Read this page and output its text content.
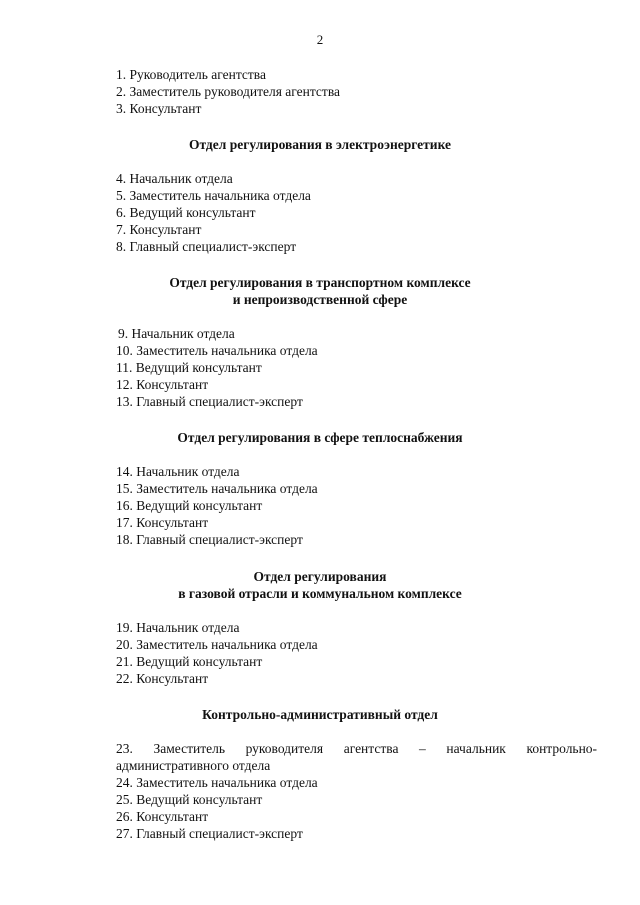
2
1. Руководитель агентства
2. Заместитель руководителя агентства
3. Консультант
Отдел регулирования в электроэнергетике
4. Начальник отдела
5. Заместитель начальника отдела
6. Ведущий консультант
7. Консультант
8. Главный специалист-эксперт
Отдел регулирования в транспортном комплексе
и непроизводственной сфере
9. Начальник отдела
10. Заместитель начальника отдела
11. Ведущий консультант
12. Консультант
13. Главный специалист-эксперт
Отдел регулирования в сфере теплоснабжения
14. Начальник отдела
15. Заместитель начальника отдела
16. Ведущий консультант
17. Консультант
18. Главный специалист-эксперт
Отдел регулирования
в газовой отрасли и коммунальном комплексе
19. Начальник отдела
20. Заместитель начальника отдела
21. Ведущий консультант
22. Консультант
Контрольно-административный отдел
23. Заместитель руководителя агентства – начальник контрольно-
административного отдела
24. Заместитель начальника отдела
25. Ведущий консультант
26. Консультант
27. Главный специалист-эксперт
